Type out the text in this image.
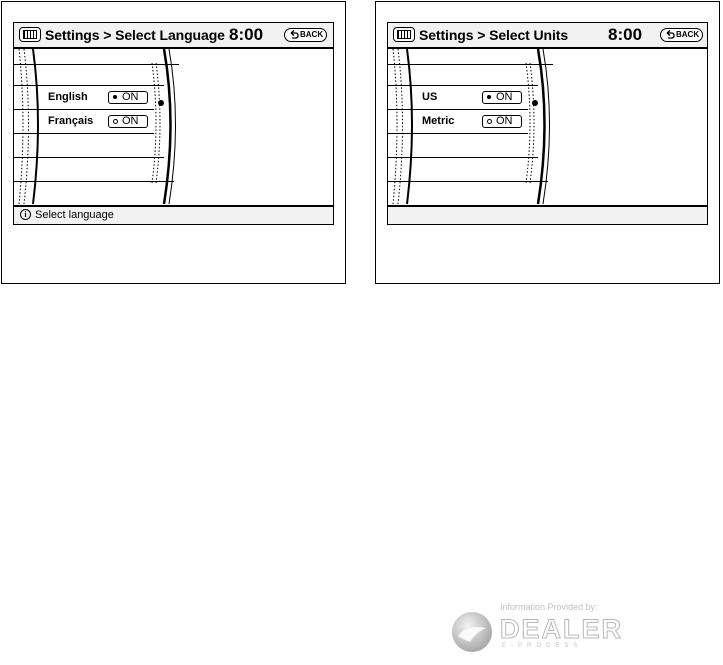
Settings > Select Language 8:00	BACK
English	ON
Français	ON
i Select language
Settings > Select Units 8:00	BACK
US	ON
Metric	ON
Information Provided by:
DEALER
E-PROCESS
